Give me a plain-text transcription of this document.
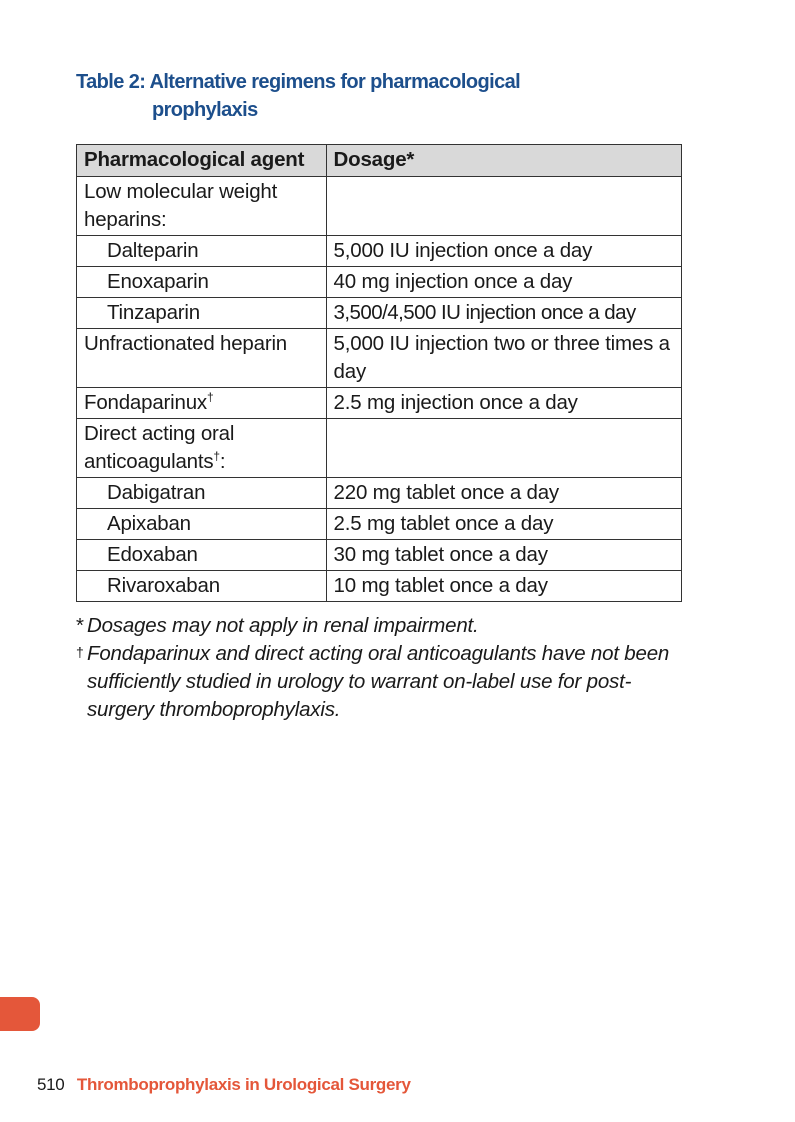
Table 2: Alternative regimens for pharmacological
prophylaxis
Pharmacological agent	Dosage*
Low molecular weight heparins:	
Dalteparin	5,000 IU injection once a day
Enoxaparin	40 mg injection once a day
Tinzaparin	3,500/4,500 IU injection once a day
Unfractionated heparin	5,000 IU injection two or three times a day
Fondaparinux†	2.5 mg injection once a day
Direct acting oral anticoagulants†:	
Dabigatran	220 mg tablet once a day
Apixaban	2.5 mg tablet once a day
Edoxaban	30 mg tablet once a day
Rivaroxaban	10 mg tablet once a day
* Dosages may not apply in renal impairment.
† Fondaparinux and direct acting oral anticoagulants have not been sufficiently studied in urology to warrant on-label use for post-surgery thromboprophylaxis.
510 Thromboprophylaxis in Urological Surgery
